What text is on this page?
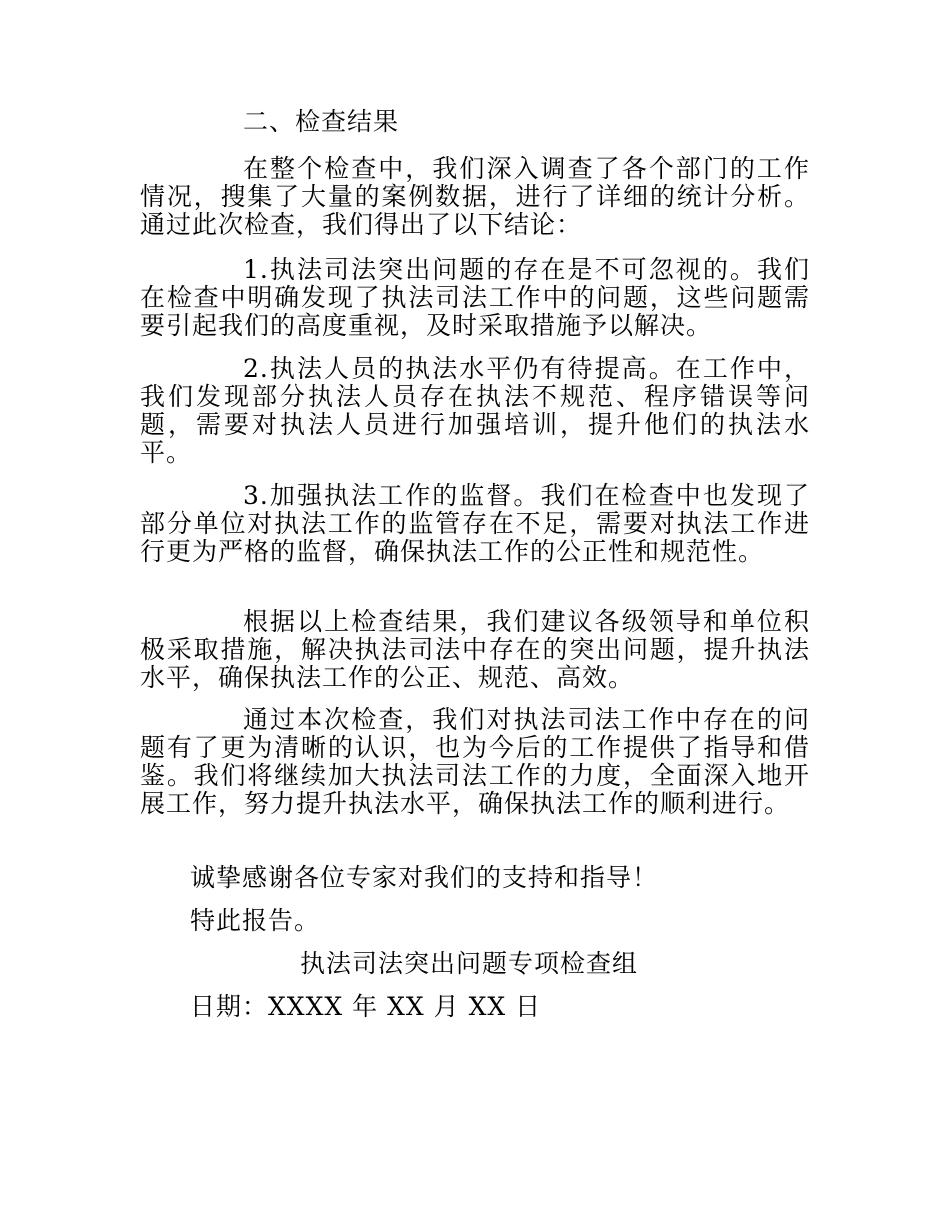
二、检查结果

在整个检查中，我们深入调查了各个部门的工作情况，搜集了大量的案例数据，进行了详细的统计分析。通过此次检查，我们得出了以下结论：

1.执法司法突出问题的存在是不可忽视的。我们在检查中明确发现了执法司法工作中的问题，这些问题需要引起我们的高度重视，及时采取措施予以解决。

2.执法人员的执法水平仍有待提高。在工作中，我们发现部分执法人员存在执法不规范、程序错误等问题，需要对执法人员进行加强培训，提升他们的执法水平。

3.加强执法工作的监督。我们在检查中也发现了部分单位对执法工作的监管存在不足，需要对执法工作进行更为严格的监督，确保执法工作的公正性和规范性。

根据以上检查结果，我们建议各级领导和单位积极采取措施，解决执法司法中存在的突出问题，提升执法水平，确保执法工作的公正、规范、高效。

通过本次检查，我们对执法司法工作中存在的问题有了更为清晰的认识，也为今后的工作提供了指导和借鉴。我们将继续加大执法司法工作的力度，全面深入地开展工作，努力提升执法水平，确保执法工作的顺利进行。

诚挚感谢各位专家对我们的支持和指导！
特此报告。
执法司法突出问题专项检查组
日期：XXXX 年 XX 月 XX 日
